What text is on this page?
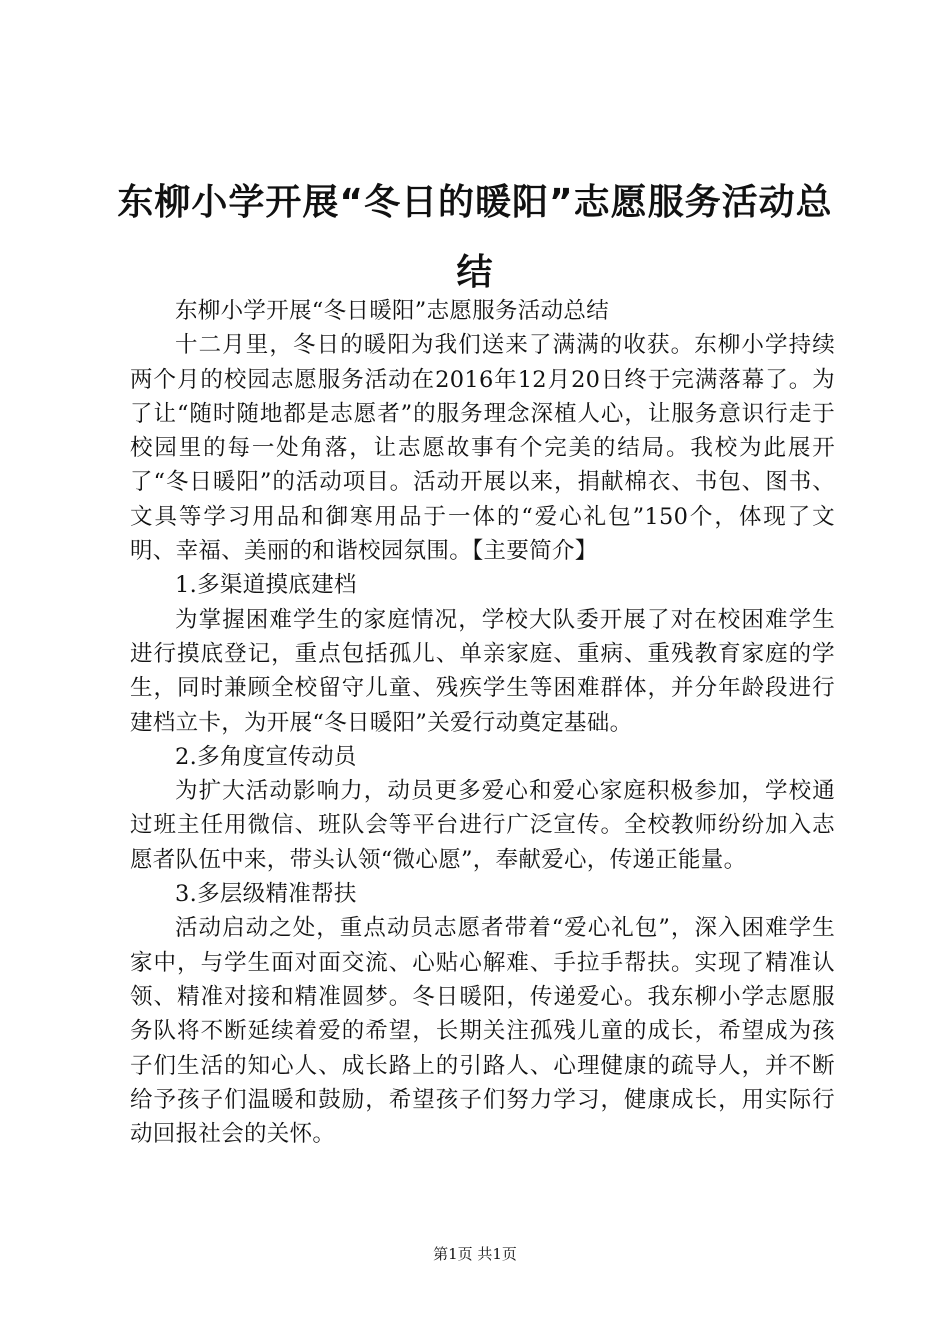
东柳小学开展“冬日的暖阳”志愿服务活动总结

东柳小学开展“冬日暖阳”志愿服务活动总结

十二月里，冬日的暖阳为我们送来了满满的收获。东柳小学持续两个月的校园志愿服务活动在2016年12月20日终于完满落幕了。为了让“随时随地都是志愿者”的服务理念深植人心，让服务意识行走于校园里的每一处角落，让志愿故事有个完美的结局。我校为此展开了“冬日暖阳”的活动项目。活动开展以来，捐献棉衣、书包、图书、文具等学习用品和御寒用品于一体的“爱心礼包”150个，体现了文明、幸福、美丽的和谐校园氛围。【主要简介】

1.多渠道摸底建档

为掌握困难学生的家庭情况，学校大队委开展了对在校困难学生进行摸底登记，重点包括孤儿、单亲家庭、重病、重残教育家庭的学生，同时兼顾全校留守儿童、残疾学生等困难群体，并分年龄段进行建档立卡，为开展“冬日暖阳”关爱行动奠定基础。

2.多角度宣传动员

为扩大活动影响力，动员更多爱心和爱心家庭积极参加，学校通过班主任用微信、班队会等平台进行广泛宣传。全校教师纷纷加入志愿者队伍中来，带头认领“微心愿”，奉献爱心，传递正能量。

3.多层级精准帮扶

活动启动之处，重点动员志愿者带着“爱心礼包”，深入困难学生家中，与学生面对面交流、心贴心解难、手拉手帮扶。实现了精准认领、精准对接和精准圆梦。冬日暖阳，传递爱心。我东柳小学志愿服务队将不断延续着爱的希望，长期关注孤残儿童的成长，希望成为孩子们生活的知心人、成长路上的引路人、心理健康的疏导人，并不断给予孩子们温暖和鼓励，希望孩子们努力学习，健康成长，用实际行动回报社会的关怀。

第1页 共1页
